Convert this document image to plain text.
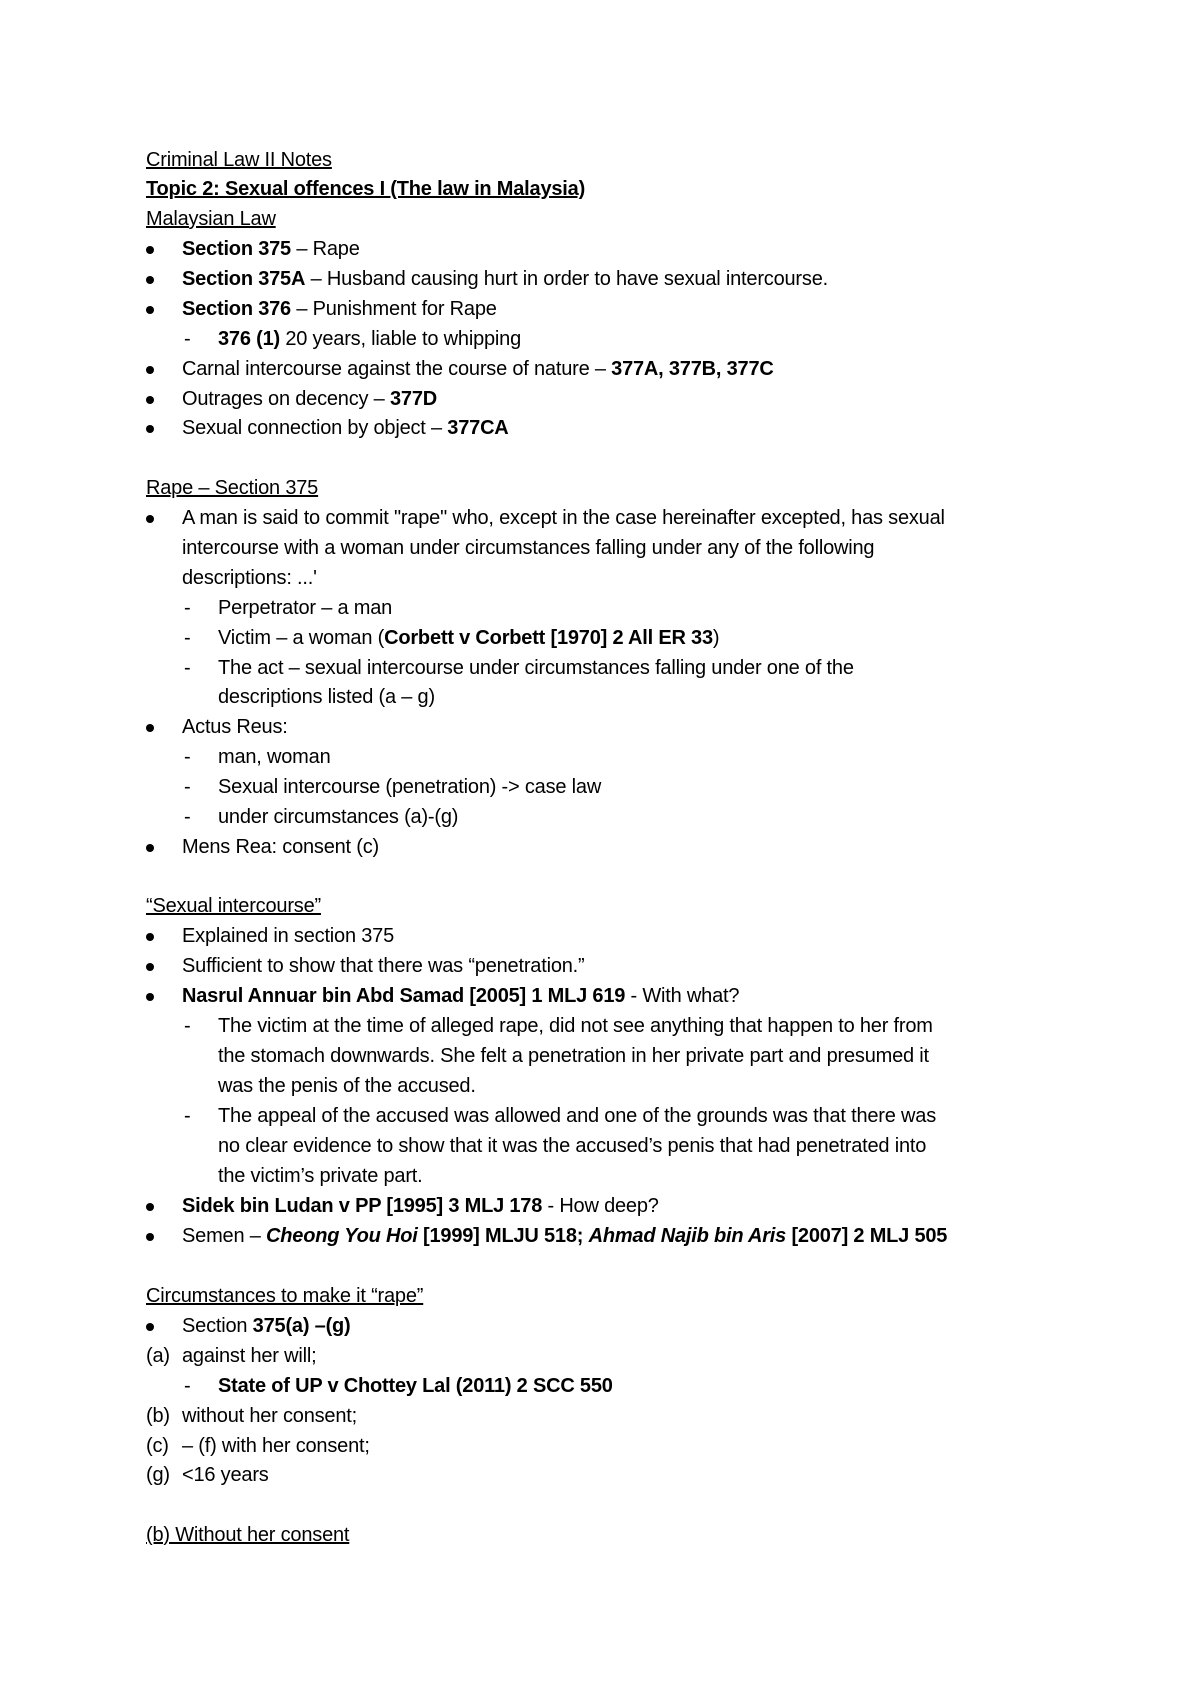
Criminal Law II Notes
Topic 2: Sexual offences I (The law in Malaysia)
Malaysian Law
Section 375 – Rape
Section 375A – Husband causing hurt in order to have sexual intercourse.
Section 376 – Punishment for Rape
- 376 (1) 20 years, liable to whipping
Carnal intercourse against the course of nature – 377A, 377B, 377C
Outrages on decency – 377D
Sexual connection by object – 377CA
Rape – Section 375
A man is said to commit "rape" who, except in the case hereinafter excepted, has sexual
intercourse with a woman under circumstances falling under any of the following
descriptions: ...'
- Perpetrator – a man
- Victim – a woman (Corbett v Corbett [1970] 2 All ER 33)
- The act – sexual intercourse under circumstances falling under one of the
descriptions listed (a – g)
Actus Reus:
- man, woman
- Sexual intercourse (penetration) -> case law
- under circumstances (a)-(g)
Mens Rea: consent (c)
“Sexual intercourse”
Explained in section 375
Sufficient to show that there was “penetration.”
Nasrul Annuar bin Abd Samad [2005] 1 MLJ 619 - With what?
- The victim at the time of alleged rape, did not see anything that happen to her from
the stomach downwards. She felt a penetration in her private part and presumed it
was the penis of the accused.
- The appeal of the accused was allowed and one of the grounds was that there was
no clear evidence to show that it was the accused’s penis that had penetrated into
the victim’s private part.
Sidek bin Ludan v PP [1995] 3 MLJ 178 - How deep?
Semen – Cheong You Hoi [1999] MLJU 518; Ahmad Najib bin Aris [2007] 2 MLJ 505
Circumstances to make it “rape”
Section 375(a) –(g)
(a) against her will;
- State of UP v Chottey Lal (2011) 2 SCC 550
(b) without her consent;
(c) – (f) with her consent;
(g) <16 years
(b) Without her consent
